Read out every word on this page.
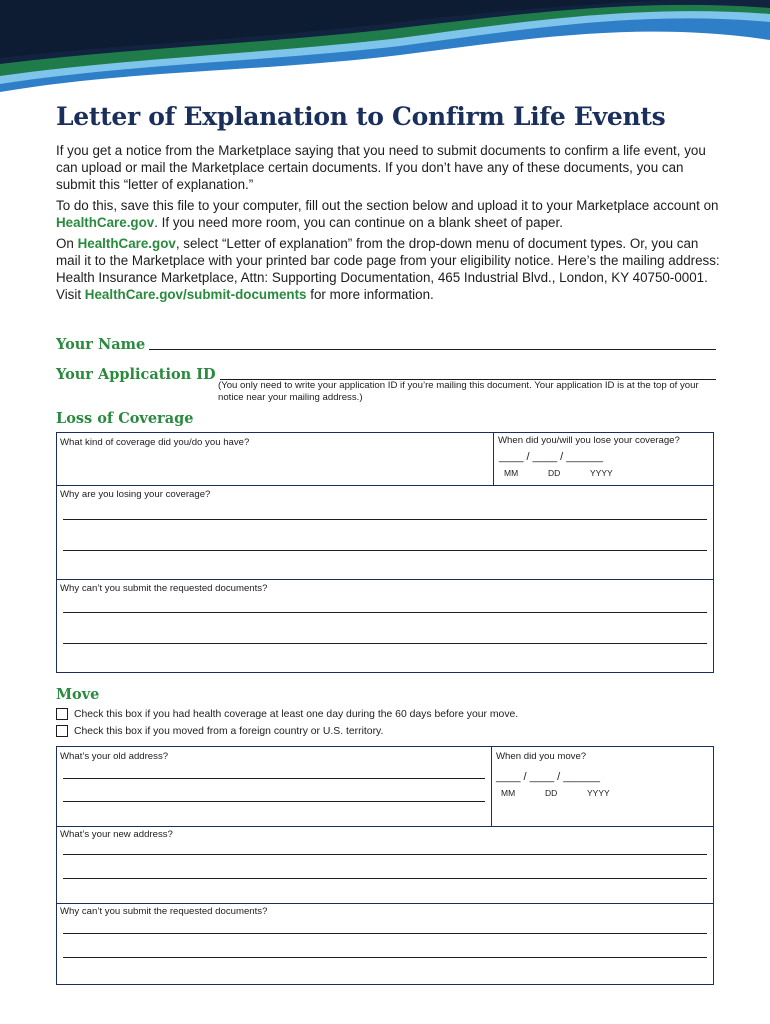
Letter of Explanation to Confirm Life Events

If you get a notice from the Marketplace saying that you need to submit documents to confirm a life event, you can upload or mail the Marketplace certain documents. If you don’t have any of these documents, you can submit this “letter of explanation.”

To do this, save this file to your computer, fill out the section below and upload it to your Marketplace account on HealthCare.gov. If you need more room, you can continue on a blank sheet of paper.

On HealthCare.gov, select “Letter of explanation” from the drop-down menu of document types. Or, you can mail it to the Marketplace with your printed bar code page from your eligibility notice. Here’s the mailing address: Health Insurance Marketplace, Attn: Supporting Documentation, 465 Industrial Blvd., London, KY 40750-0001. Visit HealthCare.gov/submit-documents for more information.

Your Name
Your Application ID
(You only need to write your application ID if you’re mailing this document. Your application ID is at the top of your notice near your mailing address.)
Loss of Coverage
What kind of coverage did you/do you have?	When did you/will you lose your coverage?
____ / ____ / ______
MM	DD	YYYY
Why are you losing your coverage?
Why can’t you submit the requested documents?
Move
Check this box if you had health coverage at least one day during the 60 days before your move.
Check this box if you moved from a foreign country or U.S. territory.
What’s your old address?	When did you move?
____ / ____ / ______
MM	DD	YYYY
What’s your new address?
Why can’t you submit the requested documents?
